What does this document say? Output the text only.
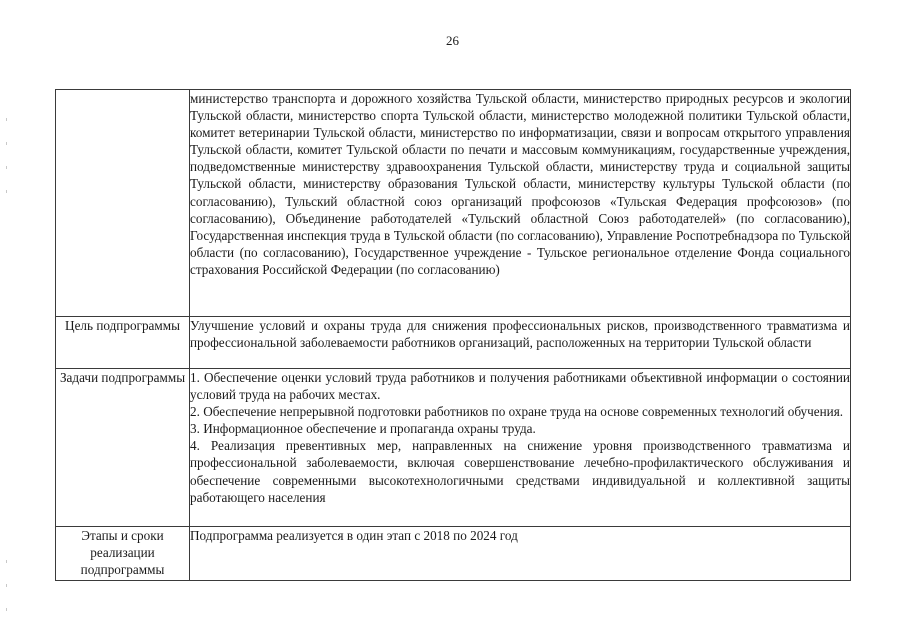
26
	министерство транспорта и дорожного хозяйства Тульской области, министерство природных ресурсов и экологии Тульской области, министерство спорта Тульской области, министерство молодежной политики Тульской области, комитет ветеринарии Тульской области, министерство по информатизации, связи и вопросам открытого управления Тульской области, комитет Тульской области по печати и массовым коммуникациям, государственные учреждения, подведомственные министерству здравоохранения Тульской области, министерству труда и социальной защиты Тульской области, министерству образования Тульской области, министерству культуры Тульской области (по согласованию), Тульский областной союз организаций профсоюзов «Тульская Федерация профсоюзов» (по согласованию), Объединение работодателей «Тульский областной Союз работодателей» (по согласованию), Государственная инспекция труда в Тульской области (по согласованию), Управление Роспотребнадзора по Тульской области (по согласованию), Государственное учреждение - Тульское региональное отделение Фонда социального страхования Российской Федерации (по согласованию)
Цель подпрограммы	Улучшение условий и охраны труда для снижения профессиональных рисков, производственного травматизма и профессиональной заболеваемости работников организаций, расположенных на территории Тульской области
Задачи подпрограммы	1. Обеспечение оценки условий труда работников и получения работниками объективной информации о состоянии условий труда на рабочих местах.

2. Обеспечение непрерывной подготовки работников по охране труда на основе современных технологий обучения.

3. Информационное обеспечение и пропаганда охраны труда.

4. Реализация превентивных мер, направленных на снижение уровня производственного травматизма и профессиональной заболеваемости, включая совершенствование лечебно-профилактического обслуживания и обеспечение современными высокотехнологичными средствами индивидуальной и коллективной защиты работающего населения

Этапы и сроки реализации подпрограммы	Подпрограмма реализуется в один этап с 2018 по 2024 год
